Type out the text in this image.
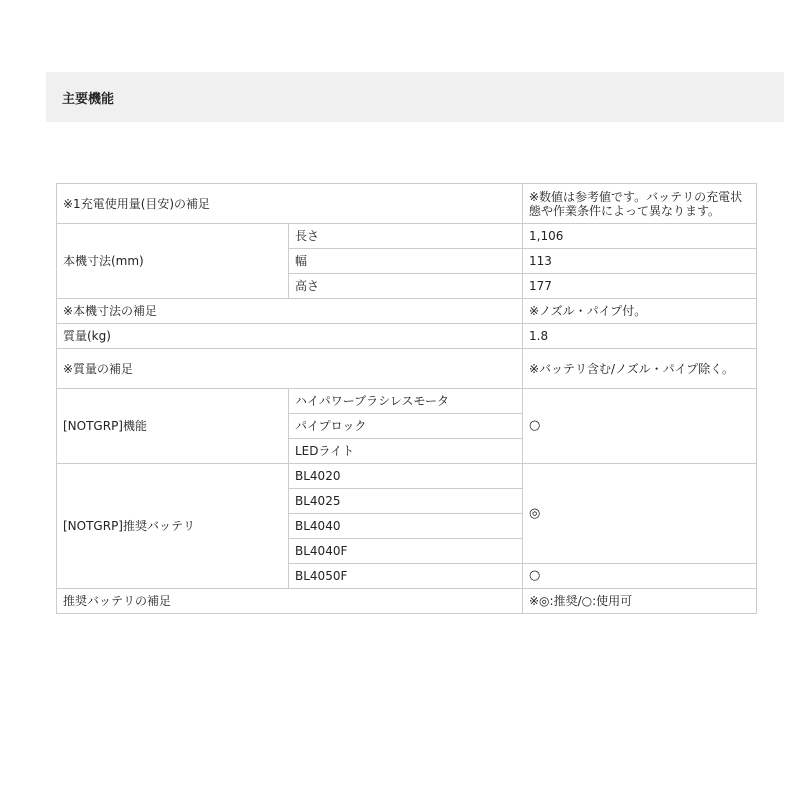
主要機能
※1充電使用量(目安)の補足		※数値は参考値です。バッテリの充電状態や作業条件によって異なります。
本機寸法(mm)	長さ	1,106
	幅	113
	高さ	177
※本機寸法の補足		※ノズル・パイプ付。
質量(kg)		1.8
※質量の補足		※バッテリ含む/ノズル・パイプ除く。
[NOTGRP]機能	ハイパワーブラシレスモータ	○
	パイプロック	
	LEDライト	
[NOTGRP]推奨バッテリ	BL4020	◎
	BL4025	
	BL4040	
	BL4040F	
	BL4050F	○
推奨バッテリの補足		※◎:推奨/○:使用可
